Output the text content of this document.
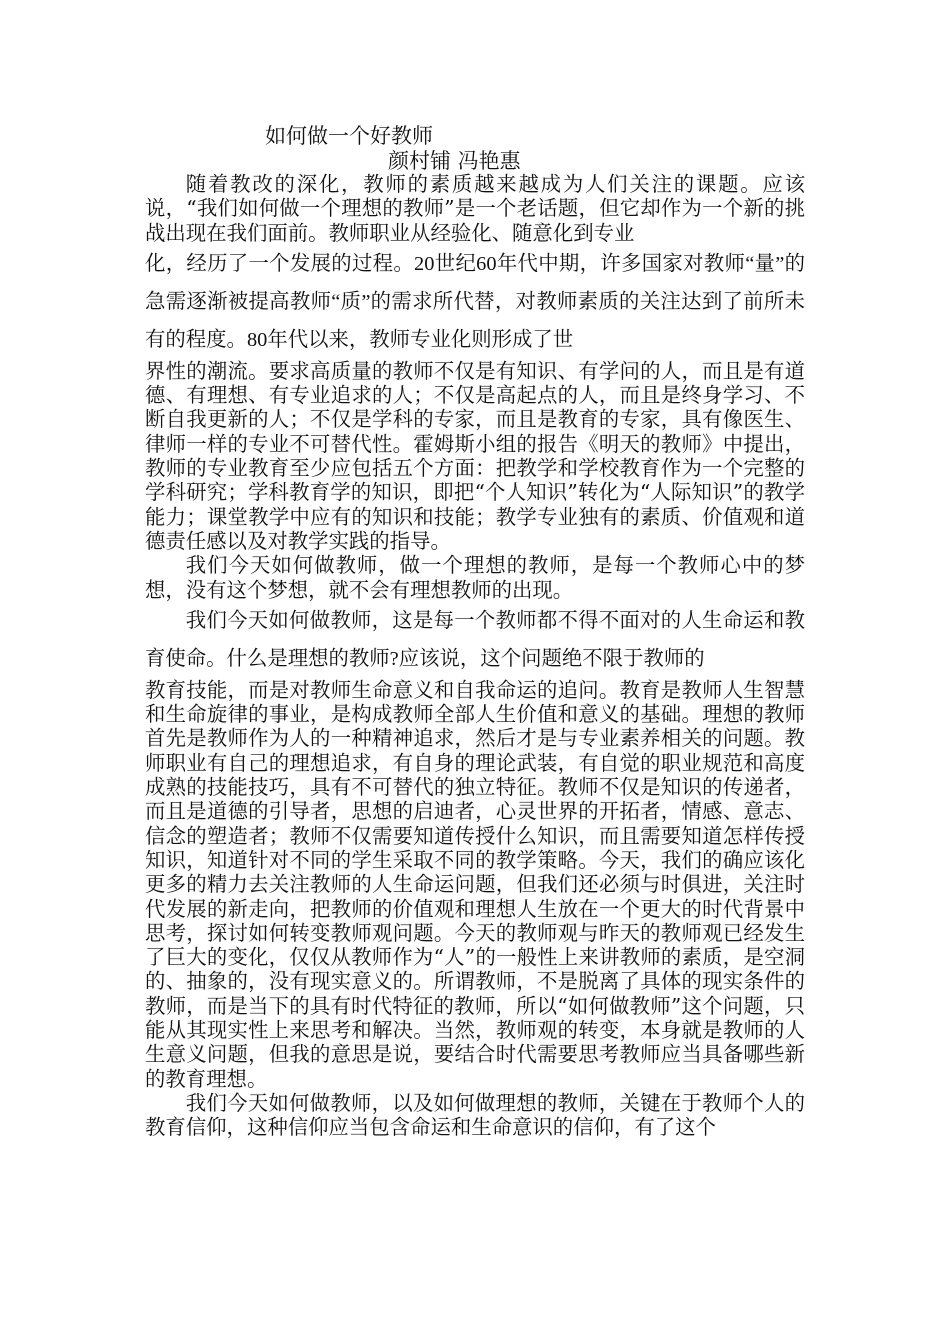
如何做一个好教师
颜村铺 冯艳惠

随着教改的深化，教师的素质越来越成为人们关注的课题。应该说，“我们如何做一个理想的教师”是一个老话题，但它却作为一个新的挑战出现在我们面前。教师职业从经验化、随意化到专业

化，经历了一个发展的过程。20世纪60年代中期，许多国家对教师“量”的急需逐渐被提高教师“质”的需求所代替，对教师素质的关注达到了前所未有的程度。80年代以来，教师专业化则形成了世

界性的潮流。要求高质量的教师不仅是有知识、有学问的人，而且是有道德、有理想、有专业追求的人；不仅是高起点的人，而且是终身学习、不断自我更新的人；不仅是学科的专家，而且是教育的专家，具有像医生、律师一样的专业不可替代性。霍姆斯小组的报告《明天的教师》中提出，教师的专业教育至少应包括五个方面：把教学和学校教育作为一个完整的学科研究；学科教育学的知识，即把“个人知识”转化为“人际知识”的教学能力；课堂教学中应有的知识和技能；教学专业独有的素质、价值观和道德责任感以及对教学实践的指导。

我们今天如何做教师，做一个理想的教师，是每一个教师心中的梦想，没有这个梦想，就不会有理想教师的出现。

我们今天如何做教师，这是每一个教师都不得不面对的人生命运和教育使命。什么是理想的教师?应该说，这个问题绝不限于教师的

教育技能，而是对教师生命意义和自我命运的追问。教育是教师人生智慧和生命旋律的事业，是构成教师全部人生价值和意义的基础。理想的教师首先是教师作为人的一种精神追求，然后才是与专业素养相关的问题。教师职业有自己的理想追求，有自身的理论武装，有自觉的职业规范和高度成熟的技能技巧，具有不可替代的独立特征。教师不仅是知识的传递者，而且是道德的引导者，思想的启迪者，心灵世界的开拓者，情感、意志、信念的塑造者；教师不仅需要知道传授什么知识，而且需要知道怎样传授知识，知道针对不同的学生采取不同的教学策略。今天，我们的确应该化更多的精力去关注教师的人生命运问题，但我们还必须与时俱进，关注时代发展的新走向，把教师的价值观和理想人生放在一个更大的时代背景中思考，探讨如何转变教师观问题。今天的教师观与昨天的教师观已经发生了巨大的变化，仅仅从教师作为“人”的一般性上来讲教师的素质，是空洞的、抽象的，没有现实意义的。所谓教师，不是脱离了具体的现实条件的教师，而是当下的具有时代特征的教师，所以“如何做教师”这个问题，只能从其现实性上来思考和解决。当然，教师观的转变，本身就是教师的人生意义问题，但我的意思是说，要结合时代需要思考教师应当具备哪些新的教育理想。

我们今天如何做教师，以及如何做理想的教师，关键在于教师个人的教育信仰，这种信仰应当包含命运和生命意识的信仰，有了这个
